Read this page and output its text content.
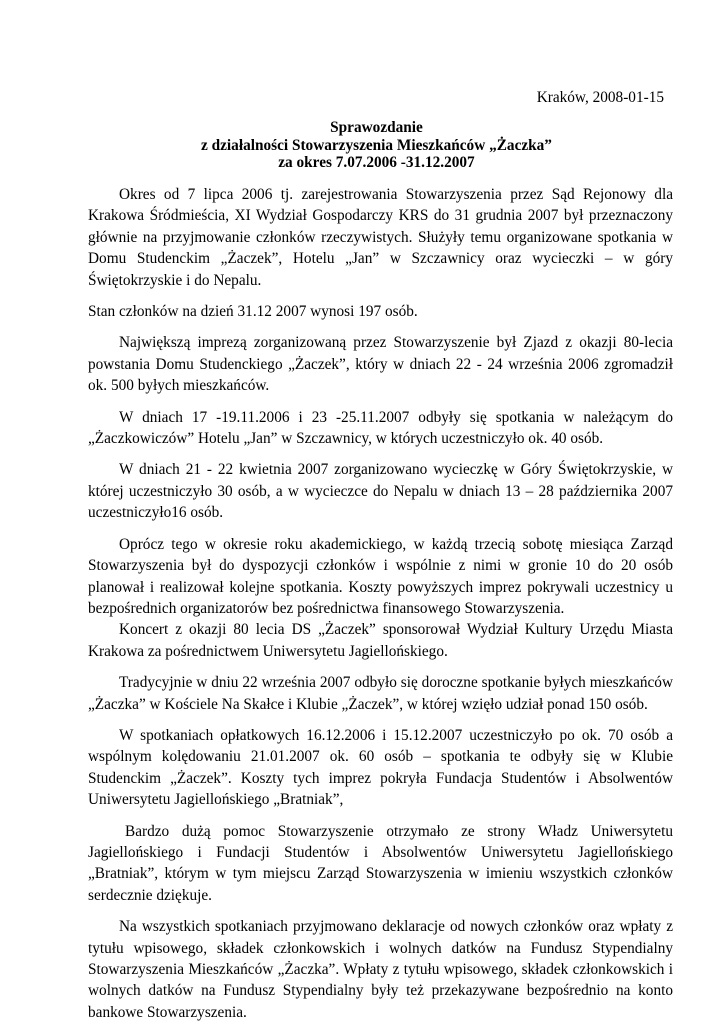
Kraków, 2008-01-15
Sprawozdanie
z działalności Stowarzyszenia Mieszkańców „Żaczka”
za okres 7.07.2006 -31.12.2007

Okres od 7 lipca 2006 tj. zarejestrowania Stowarzyszenia przez Sąd Rejonowy dla Krakowa Śródmieścia, XI Wydział Gospodarczy KRS do 31 grudnia 2007 był przeznaczony głównie na przyjmowanie członków rzeczywistych. Służyły temu organizowane spotkania w Domu Studenckim „Żaczek”, Hotelu „Jan” w Szczawnicy oraz wycieczki – w góry Świętokrzyskie i do Nepalu.

Stan członków na dzień 31.12 2007 wynosi 197 osób.

Największą imprezą zorganizowaną przez Stowarzyszenie był Zjazd z okazji 80-lecia powstania Domu Studenckiego „Żaczek”, który w dniach 22 - 24 września 2006 zgromadził ok. 500 byłych mieszkańców.

W dniach 17 -19.11.2006 i 23 -25.11.2007 odbyły się spotkania w należącym do „Żaczkowiczów” Hotelu „Jan” w Szczawnicy, w których uczestniczyło ok. 40 osób.

W dniach 21 - 22 kwietnia 2007 zorganizowano wycieczkę w Góry Świętokrzyskie, w której uczestniczyło 30 osób, a w wycieczce do Nepalu w dniach 13 – 28 października 2007 uczestniczyło16 osób.

Oprócz tego w okresie roku akademickiego, w każdą trzecią sobotę miesiąca Zarząd Stowarzyszenia był do dyspozycji członków i wspólnie z nimi w gronie 10 do 20 osób planował i realizował kolejne spotkania. Koszty powyższych imprez pokrywali uczestnicy u bezpośrednich organizatorów bez pośrednictwa finansowego Stowarzyszenia.

Koncert z okazji 80 lecia DS „Żaczek” sponsorował Wydział Kultury Urzędu Miasta Krakowa za pośrednictwem Uniwersytetu Jagiellońskiego.

Tradycyjnie w dniu 22 września 2007 odbyło się doroczne spotkanie byłych mieszkańców „Żaczka” w Kościele Na Skałce i Klubie „Żaczek”, w której wzięło udział ponad 150 osób.

W spotkaniach opłatkowych 16.12.2006 i 15.12.2007 uczestniczyło po ok. 70 osób a wspólnym kolędowaniu 21.01.2007 ok. 60 osób – spotkania te odbyły się w Klubie Studenckim „Żaczek”. Koszty tych imprez pokryła Fundacja Studentów i Absolwentów Uniwersytetu Jagiellońskiego „Bratniak”,

Bardzo dużą pomoc Stowarzyszenie otrzymało ze strony Władz Uniwersytetu Jagiellońskiego i Fundacji Studentów i Absolwentów Uniwersytetu Jagiellońskiego „Bratniak”, którym w tym miejscu Zarząd Stowarzyszenia w imieniu wszystkich członków serdecznie dziękuje.

Na wszystkich spotkaniach przyjmowano deklaracje od nowych członków oraz wpłaty z tytułu wpisowego, składek członkowskich i wolnych datków na Fundusz Stypendialny Stowarzyszenia Mieszkańców „Żaczka”. Wpłaty z tytułu wpisowego, składek członkowskich i wolnych datków na Fundusz Stypendialny były też przekazywane bezpośrednio na konto bankowe Stowarzyszenia.
